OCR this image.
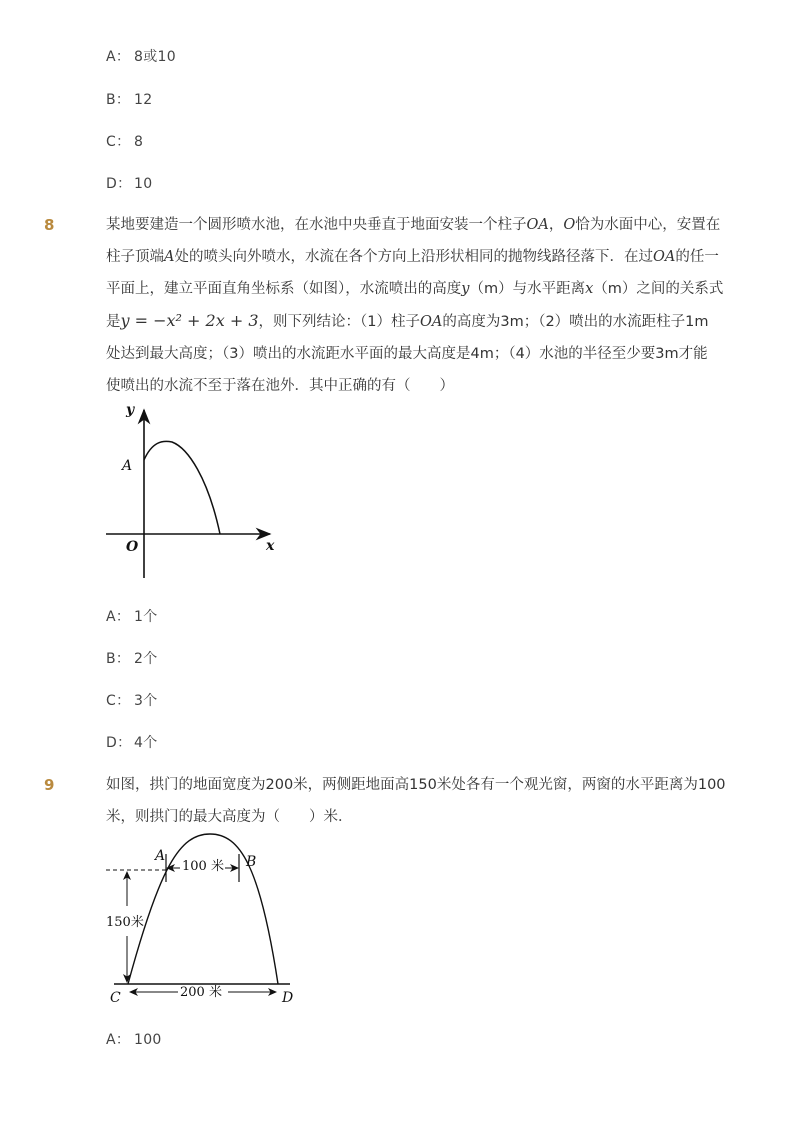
A： 8或10
B： 12
C： 8
D： 10
8	某地要建造一个圆形喷水池，在水池中央垂直于地面安装一个柱子OA，O恰为水面中心，安置在
柱子顶端A处的喷头向外喷水，水流在各个方向上沿形状相同的抛物线路径落下．在过OA的任一
平面上，建立平面直角坐标系（如图），水流喷出的高度y（m）与水平距离x（m）之间的关系式
是y = −x² + 2x + 3，则下列结论：（1）柱子OA的高度为3m；（2）喷出的水流距柱子1m
处达到最大高度；（3）喷出的水流距水平面的最大高度是4m；（4）水池的半径至少要3m才能
使喷出的水流不至于落在池外．其中正确的有（　　）
y
x
A
O
A： 1个
B： 2个
C： 3个
D： 4个
9	如图，拱门的地面宽度为200米，两侧距地面高150米处各有一个观光窗，两窗的水平距离为100
米，则拱门的最大高度为（　　）米．
100 米
150米
200 米
A	B
C	D
A： 100
